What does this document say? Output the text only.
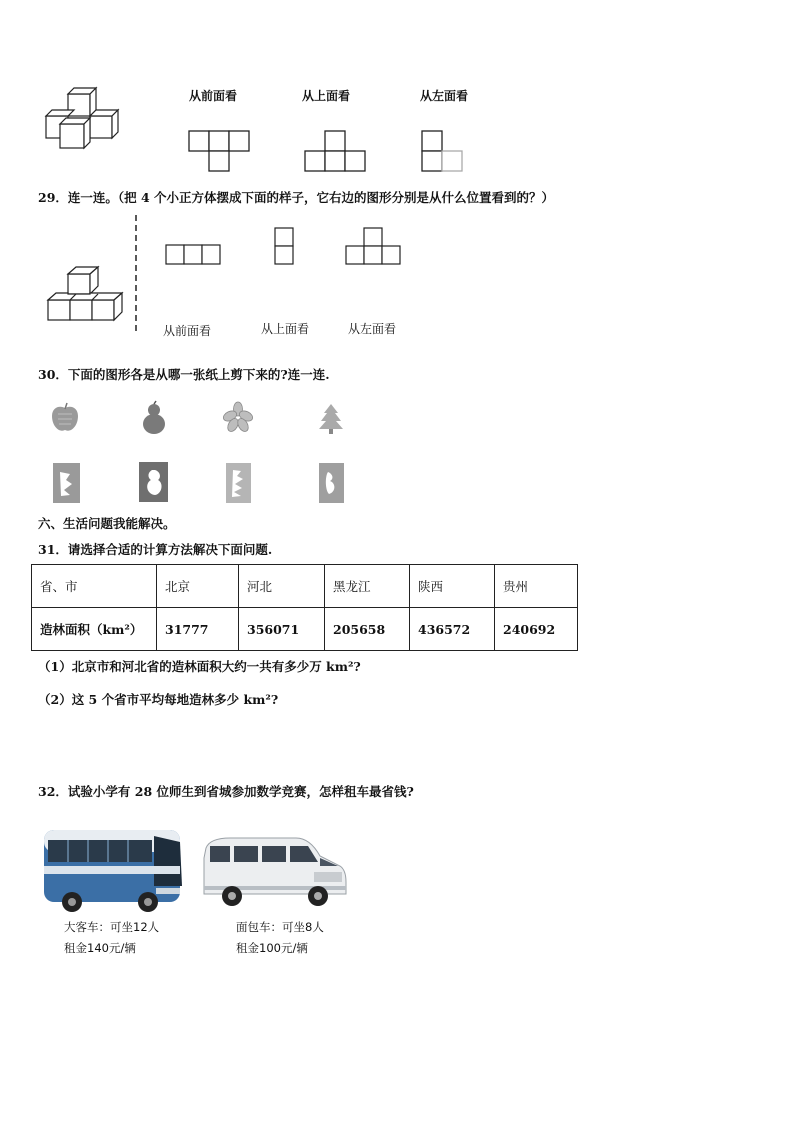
从前面看	从上面看	从左面看
29．连一连。（把 4 个小正方体摆成下面的样子，它右边的图形分别是从什么位置看到的？）
从前面看	从上面看	从左面看
30．下面的图形各是从哪一张纸上剪下来的?连一连.
六、生活问题我能解决。
31．请选择合适的计算方法解决下面问题.
省、市	北京	河北	黑龙江	陕西	贵州
造林面积（km²）	31777	356071	205658	436572	240692
（1）北京市和河北省的造林面积大约一共有多少万 km²?
（2）这 5 个省市平均每地造林多少 km²?
32．试验小学有 28 位师生到省城参加数学竞赛，怎样租车最省钱?
大客车：可坐12人
租金140元/辆
面包车：可坐8人
租金100元/辆
